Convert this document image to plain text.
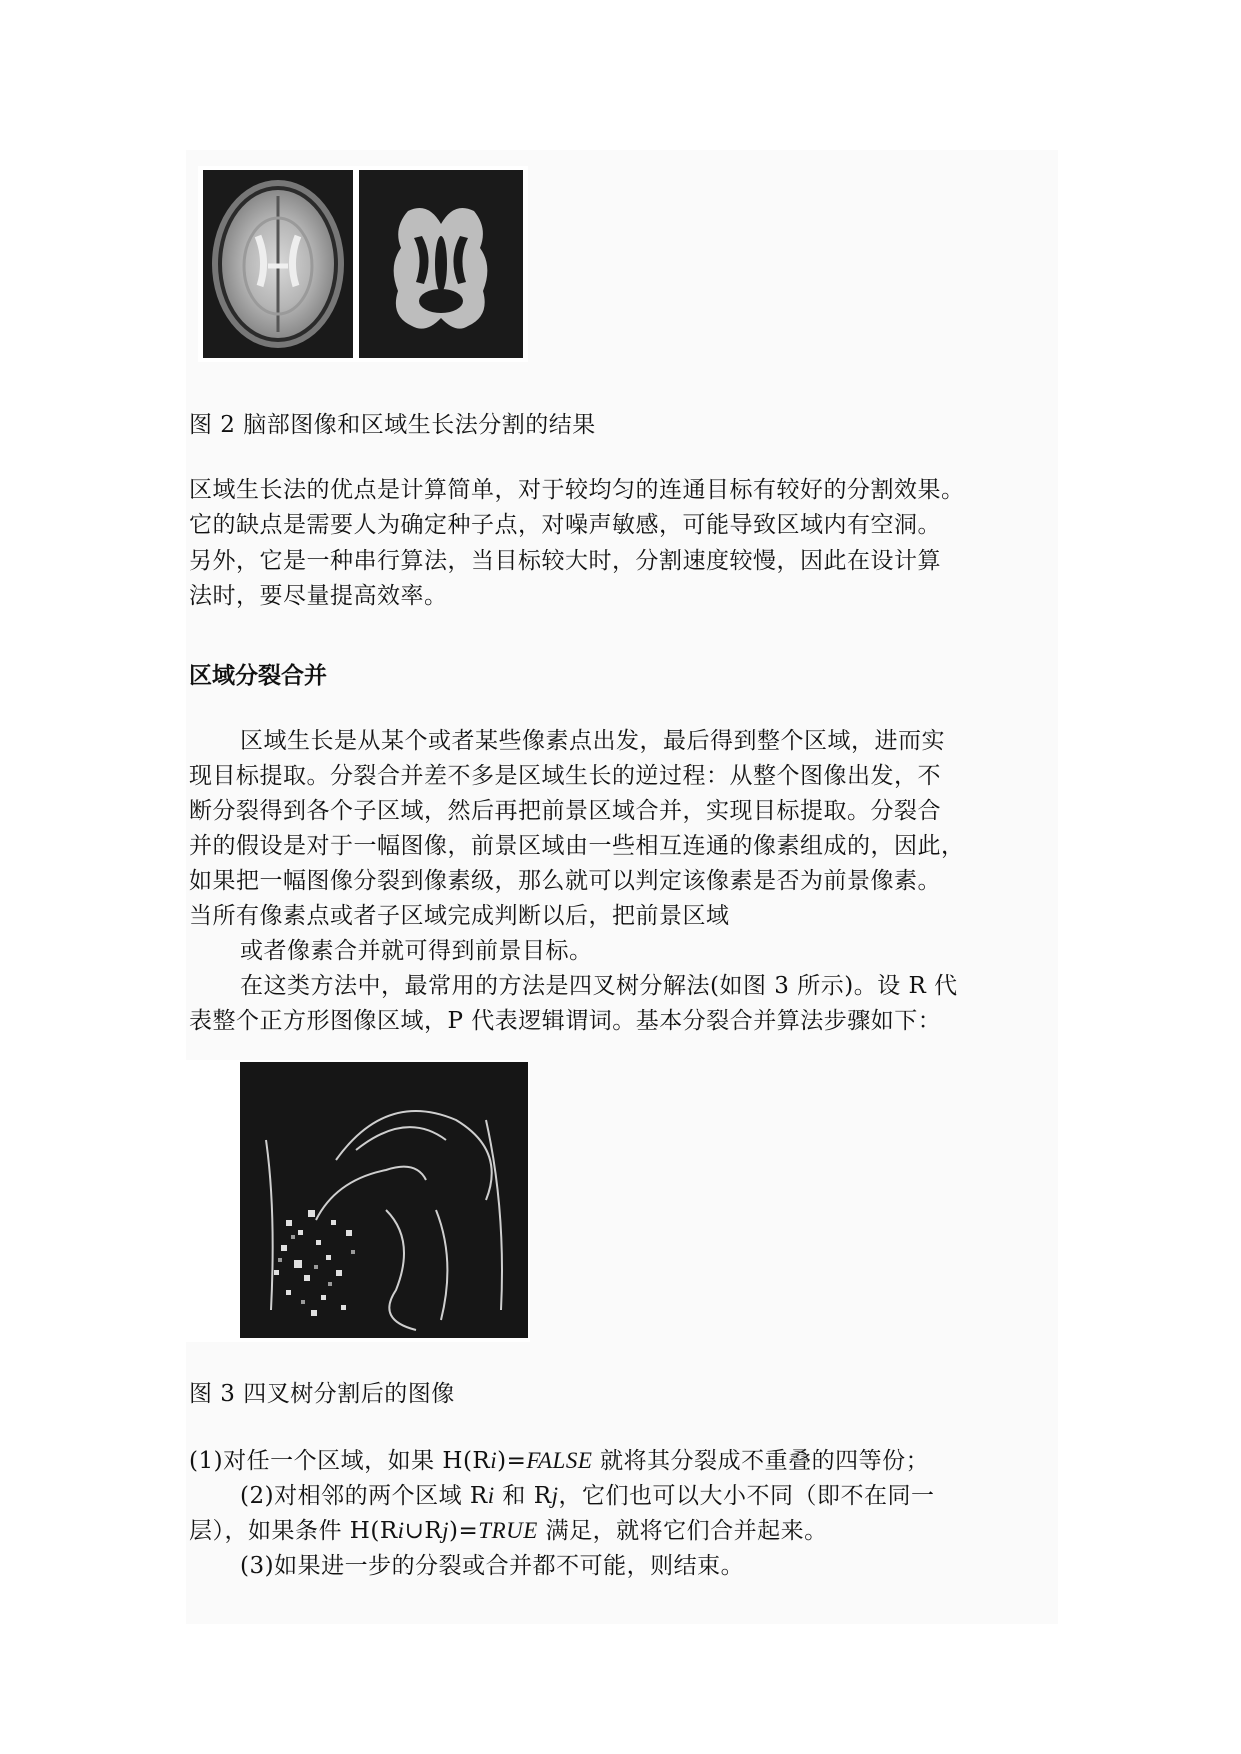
图 2 脑部图像和区域生长法分割的结果
区域生长法的优点是计算简单，对于较均匀的连通目标有较好的分割效果。
它的缺点是需要人为确定种子点，对噪声敏感，可能导致区域内有空洞。
另外，它是一种串行算法，当目标较大时，分割速度较慢，因此在设计算
法时，要尽量提高效率。
区域分裂合并
区域生长是从某个或者某些像素点出发，最后得到整个区域，进而实
现目标提取。分裂合并差不多是区域生长的逆过程：从整个图像出发，不
断分裂得到各个子区域，然后再把前景区域合并，实现目标提取。分裂合
并的假设是对于一幅图像，前景区域由一些相互连通的像素组成的，因此，
如果把一幅图像分裂到像素级，那么就可以判定该像素是否为前景像素。
当所有像素点或者子区域完成判断以后，把前景区域
或者像素合并就可得到前景目标。
在这类方法中，最常用的方法是四叉树分解法(如图 3 所示)。设 R 代
表整个正方形图像区域，P 代表逻辑谓词。基本分裂合并算法步骤如下：
图 3 四叉树分割后的图像
(1)对任一个区域，如果 H(Ri)=FALSE 就将其分裂成不重叠的四等份；
(2)对相邻的两个区域 Ri 和 Rj，它们也可以大小不同（即不在同一
层），如果条件 H(Ri∪Rj)=TRUE 满足，就将它们合并起来。
(3)如果进一步的分裂或合并都不可能，则结束。
